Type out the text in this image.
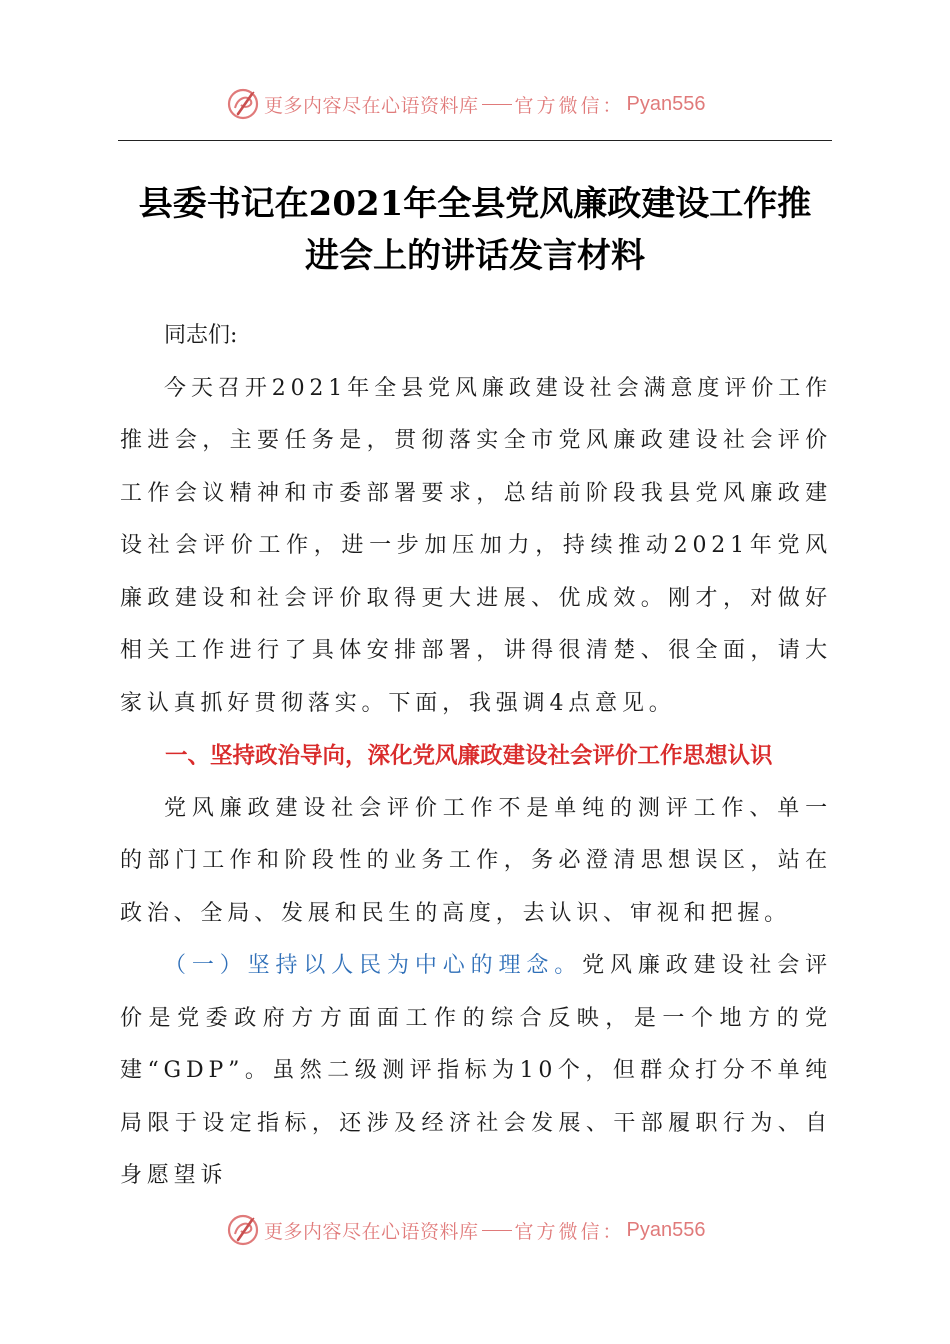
更多内容尽在心语资料库 官方微信： Pyan556
县委书记在2021年全县党风廉政建设工作推
进会上的讲话发言材料

同志们:

今天召开2021年全县党风廉政建设社会满意度评价工作推进会，主要任务是，贯彻落实全市党风廉政建设社会评价工作会议精神和市委部署要求，总结前阶段我县党风廉政建设社会评价工作，进一步加压加力，持续推动2021年党风廉政建设和社会评价取得更大进展、优成效。刚才，对做好相关工作进行了具体安排部署，讲得很清楚、很全面，请大家认真抓好贯彻落实。下面，我强调4点意见。

一、坚持政治导向，深化党风廉政建设社会评价工作思想认识

党风廉政建设社会评价工作不是单纯的测评工作、单一的部门工作和阶段性的业务工作，务必澄清思想误区，站在政治、全局、发展和民生的高度，去认识、审视和把握。

（一）坚持以人民为中心的理念。党风廉政建设社会评价是党委政府方方面面工作的综合反映，是一个地方的党建“GDP”。虽然二级测评指标为10个，但群众打分不单纯局限于设定指标，还涉及经济社会发展、干部履职行为、自身愿望诉

更多内容尽在心语资料库 官方微信： Pyan556
